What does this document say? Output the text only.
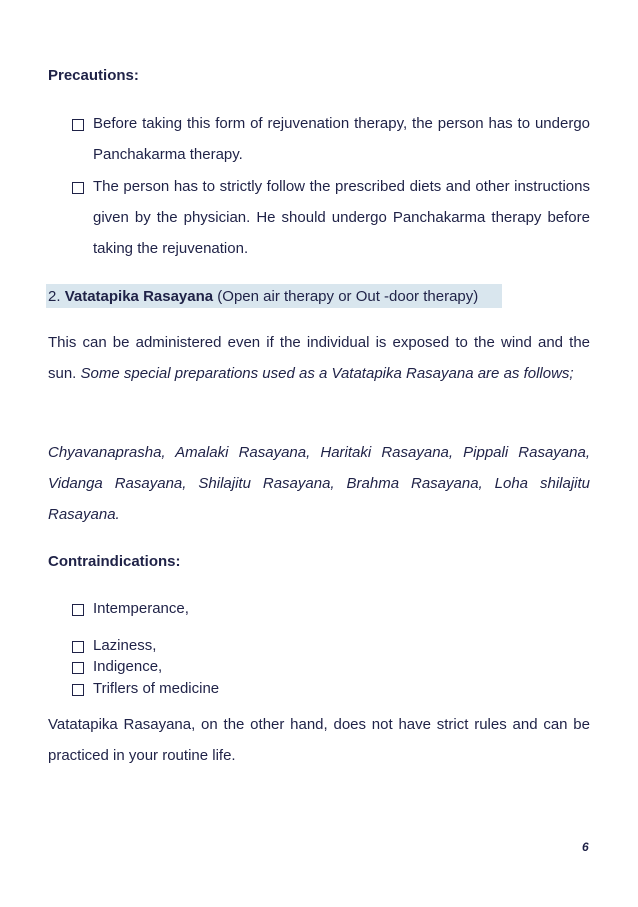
Precautions:
Before taking this form of rejuvenation therapy, the person has to undergo Panchakarma therapy.
The person has to strictly follow the prescribed diets and other instructions given by the physician. He should undergo Panchakarma therapy before taking the rejuvenation.
2. Vatatapika Rasayana (Open air therapy or Out -door therapy)
This can be administered even if the individual is exposed to the wind and the sun. Some special preparations used as a Vatatapika Rasayana are as follows;
Chyavanaprasha, Amalaki Rasayana, Haritaki Rasayana, Pippali Rasayana, Vidanga Rasayana, Shilajitu Rasayana, Brahma Rasayana, Loha shilajitu Rasayana.
Contraindications:
Intemperance,
Laziness,
Indigence,
Triflers of medicine
Vatatapika Rasayana, on the other hand, does not have strict rules and can be practiced in your routine life.
6
